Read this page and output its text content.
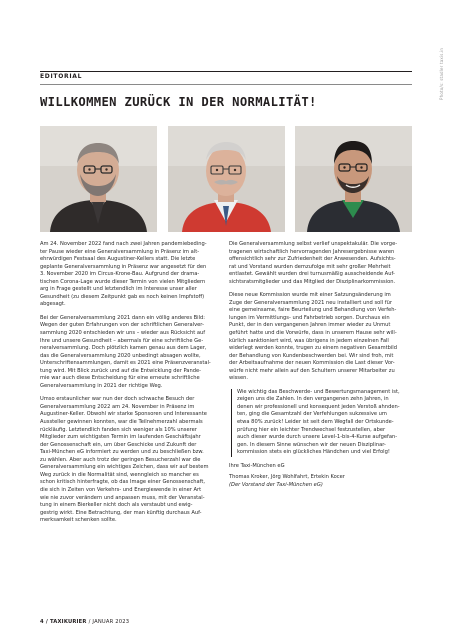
Photo/s: stadler taxis.in
EDITORIAL
WILLKOMMEN ZURÜCK IN DER NORMALITÄT!

Am 24. November 2022 fand nach zwei Jahren pandemiebeding-
ter Pause wieder eine Generalversammlung in Präsenz im alt-
ehrwürdigen Festsaal des Augustiner-Kellers statt. Die letzte
geplante Generalversammlung in Präsenz war angesetzt für den
3. November 2020 im Circus-Krone-Bau. Aufgrund der drama-
tischen Corona-Lage wurde dieser Termin von vielen Mitgliedern
arg in Frage gestellt und letztendlich im Interesse unser aller
Gesundheit (zu diesem Zeitpunkt gab es noch keinen Impfstoff)
abgesagt.

Bei der Generalversammlung 2021 dann ein völlig anderes Bild:
Wegen der guten Erfahrungen von der schriftlichen Generalver-
sammlung 2020 entschieden wir uns – wieder aus Rücksicht auf
Ihre und unsere Gesundheit – abermals für eine schriftliche Ge-
neralversammlung. Doch plötzlich kamen genau aus dem Lager,
das die Generalversammlung 2020 unbedingt absagen wollte,
Unterschriftensammlungen, damit es 2021 eine Präsenzveranstal-
tung wird. Mit Blick zurück und auf die Entwicklung der Pande-
mie war auch diese Entscheidung für eine erneute schriftliche
Generalversammlung in 2021 der richtige Weg.

Umso erstaunlicher war nun der doch schwache Besuch der
Generalversammlung 2022 am 24. November in Präsenz im
Augustiner-Keller. Obwohl wir starke Sponsoren und Interessante
Aussteller gewinnen konnten, war die Teilnehmerzahl abermals
rückläufig. Letztendlich fanden sich weniger als 10% unserer
Mitglieder zum wichtigsten Termin im laufenden Geschäftsjahr
der Genossenschaft ein, um über Geschicke und Zukunft der
Taxi-München eG informiert zu werden und zu beschließen bzw.
zu wählen. Aber auch trotz der geringen Besucherzahl war die
Generalversammlung ein wichtiges Zeichen, dass wir auf bestem
Weg zurück in die Normalität sind, wenngleich so mancher es
schon kritisch hinterfragte, ob das Image einer Genossenschaft,
die sich in Zeiten von Verkehrs- und Energiewende in einer Art
wie nie zuvor verändern und anpassen muss, mit der Veranstal-
tung in einem Bierkeller nicht doch als verstaubt und ewig-
gestrig wirkt. Eine Betrachtung, der man künftig durchaus Auf-
merksamkeit schenken sollte.

Die Generalversammlung selbst verlief unspektakulär. Die vorge-
tragenen wirtschaftlich hervorragenden Jahresergebnisse waren
offensichtlich sehr zur Zufriedenheit der Anwesenden. Aufsichts-
rat und Vorstand wurden demzufolge mit sehr großer Mehrheit
entlastet. Gewählt wurden drei turnusmäßig ausscheidende Auf-
sichtsratsmitglieder und das Mitglied der Disziplinarkommission.

Diese neue Kommission wurde mit einer Satzungsänderung im
Zuge der Generalversammlung 2021 neu installiert und soll für
eine gemeinsame, faire Beurteilung und Behandlung von Verfeh-
lungen im Vermittlungs- und Fahrbetrieb sorgen. Durchaus ein
Punkt, der in den vergangenen Jahren immer wieder zu Unmut
geführt hatte und die Vorwürfe, dass in unserem Hause sehr will-
kürlich sanktioniert wird, was übrigens in jedem einzelnen Fall
widerlegt werden konnte, trugen zu einem negativen Gesamtbild
der Behandlung von Kundenbeschwerden bei. Wir sind froh, mit
der Arbeitsaufnahme der neuen Kommission die Last dieser Vor-
würfe nicht mehr allein auf den Schultern unserer Mitarbeiter zu
wissen.

Wie wichtig das Beschwerde- und Bewertungsmanagement ist,
zeigen uns die Zahlen. In den vergangenen zehn Jahren, in
denen wir professionell und konsequent jeden Verstoß ahnden-
ten, ging die Gesamtzahl der Verfehlungen sukzessive um
etwa 80% zurück! Leider ist seit dem Wegfall der Ortskunde-
prüfung hier ein leichter Trendwechsel festzustellen, aber
auch dieser wurde durch unsere Level-1-bis-4-Kurse aufgefan-
gen. In diesem Sinne wünschen wir der neuen Disziplinar-
kommission stets ein glückliches Händchen und viel Erfolg!

Ihre Taxi-München eG

Thomas Kroker, Jörg Wohlfahrt, Ertekin Kocer

(Der Vorstand der Taxi-München eG)

4 / TAXIKURIER / JANUAR 2023
